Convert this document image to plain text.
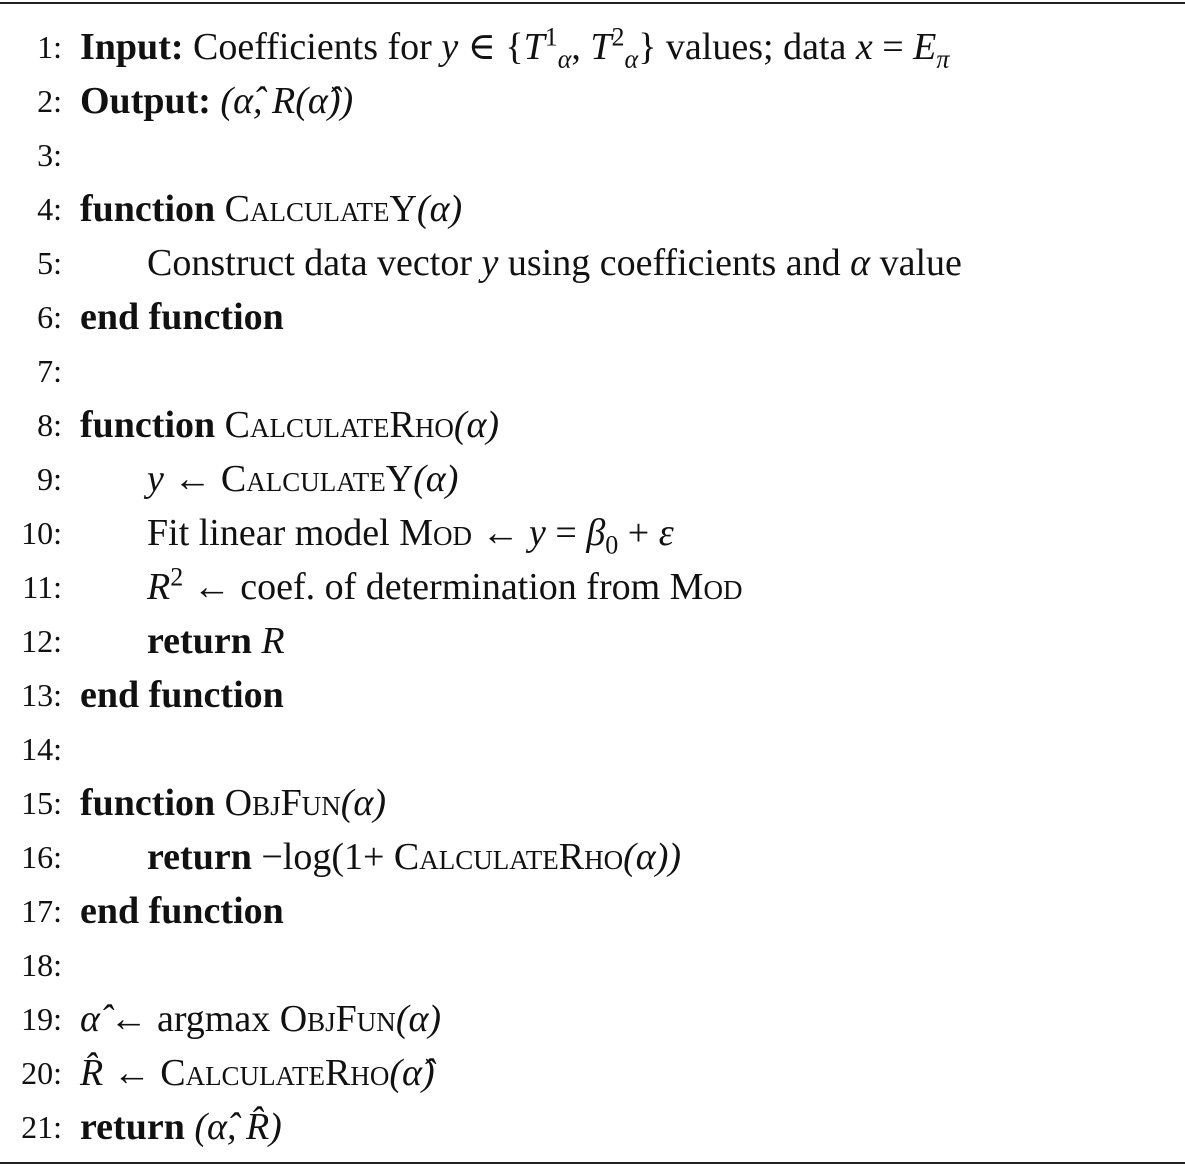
1: Input: Coefficients for y ∈ {$T^1_\alpha$, $T^2_\alpha$} values; data $x = E_\pi$
2: Output: (α̂, R(α̂))
3:
4: function CalculateY(α)
5: Construct data vector y using coefficients and α value
6: end function
7:
8: function CalculateRho(α)
9: y ← CalculateY(α)
10: Fit linear model Mod ← $y = \beta_0 + \varepsilon$
11: $R^2$ ← coef. of determination from Mod
12: return R
13: end function
14:
15: function ObjFun(α)
16: return −log(1+ CalculateRho(α))
17: end function
18:
19: α̂ ← argmax ObjFun(α)
20: R̂ ← CalculateRho(α̂)
21: return (α̂, R̂)
